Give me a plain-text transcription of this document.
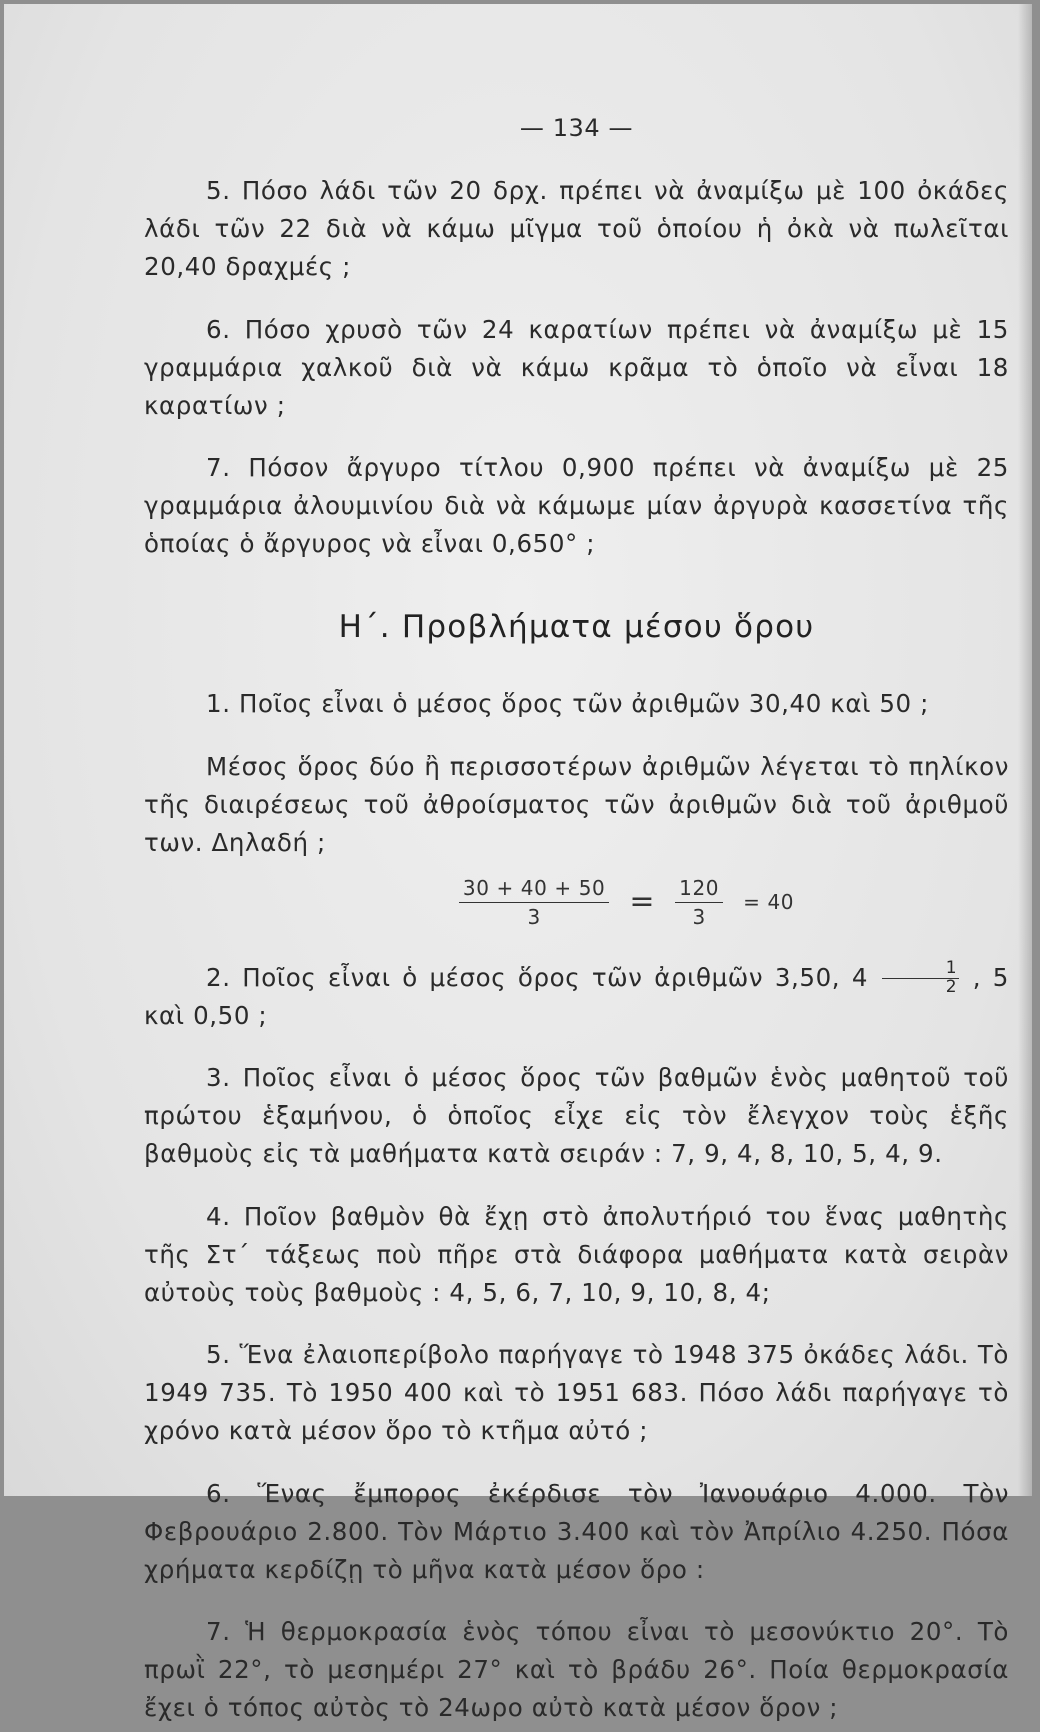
— 134 —

5. Πόσο λάδι τῶν 20 δρχ. πρέπει νὰ ἀναμίξω μὲ 100 ὀκάδες λάδι τῶν 22 διὰ νὰ κάμω μῖγμα τοῦ ὁποίου ἡ ὀκὰ νὰ πωλεῖται 20,40 δραχμές ;

6. Πόσο χρυσὸ τῶν 24 καρατίων πρέπει νὰ ἀναμίξω μὲ 15 γραμμάρια χαλκοῦ διὰ νὰ κάμω κρᾶμα τὸ ὁποῖο νὰ εἶναι 18 καρατίων ;

7. Πόσον ἄργυρο τίτλου 0,900 πρέπει νὰ ἀναμίξω μὲ 25 γραμμάρια ἀλουμινίου διὰ νὰ κάμωμε μίαν ἀργυρὰ κασσετίνα τῆς ὁποίας ὁ ἄργυρος νὰ εἶναι 0,650° ;

Η΄. Προβλήματα μέσου ὅρου

1. Ποῖος εἶναι ὁ μέσος ὅρος τῶν ἀριθμῶν 30,40 καὶ 50 ;

Μέσος ὅρος δύο ἢ περισσοτέρων ἀριθμῶν λέγεται τὸ πηλίκον τῆς διαιρέσεως τοῦ ἀθροίσματος τῶν ἀριθμῶν διὰ τοῦ ἀριθμοῦ των. Δηλαδή ;

$\frac{30 + 40 + 50}{3} = \frac{120}{3} = 40$

2. Ποῖος εἶναι ὁ μέσος ὅρος τῶν ἀριθμῶν 3,50, $4 \frac{1}{2}$ , 5 καὶ 0,50 ;

3. Ποῖος εἶναι ὁ μέσος ὅρος τῶν βαθμῶν ἑνὸς μαθητοῦ τοῦ πρώτου ἑξαμήνου, ὁ ὁποῖος εἶχε εἰς τὸν ἔλεγχον τοὺς ἑξῆς βαθμοὺς εἰς τὰ μαθήματα κατὰ σειράν : 7, 9, 4, 8, 10, 5, 4, 9.

4. Ποῖον βαθμὸν θὰ ἔχῃ στὸ ἀπολυτήριό του ἕνας μαθητὴς τῆς Στ΄ τάξεως ποὺ πῆρε στὰ διάφορα μαθήματα κατὰ σειρὰν αὐτοὺς τοὺς βαθμοὺς : 4, 5, 6, 7, 10, 9, 10, 8, 4;

5. Ἕνα ἐλαιοπερίβολο παρήγαγε τὸ 1948 375 ὀκάδες λάδι. Τὸ 1949 735. Τὸ 1950 400 καὶ τὸ 1951 683. Πόσο λάδι παρήγαγε τὸ χρόνο κατὰ μέσον ὅρο τὸ κτῆμα αὐτό ;

6. Ἕνας ἔμπορος ἐκέρδισε τὸν Ἰανουάριο 4.000. Τὸν Φεβρουάριο 2.800. Τὸν Μάρτιο 3.400 καὶ τὸν Ἀπρίλιο 4.250. Πόσα χρήματα κερδίζῃ τὸ μῆνα κατὰ μέσον ὅρο :

7. Ἡ θερμοκρασία ἑνὸς τόπου εἶναι τὸ μεσονύκτιο 20°. Τὸ πρωῒ 22°, τὸ μεσημέρι 27° καὶ τὸ βράδυ 26°. Ποία θερμοκρασία ἔχει ὁ τόπος αὐτὸς τὸ 24ωρο αὐτὸ κατὰ μέσον ὅρον ;
